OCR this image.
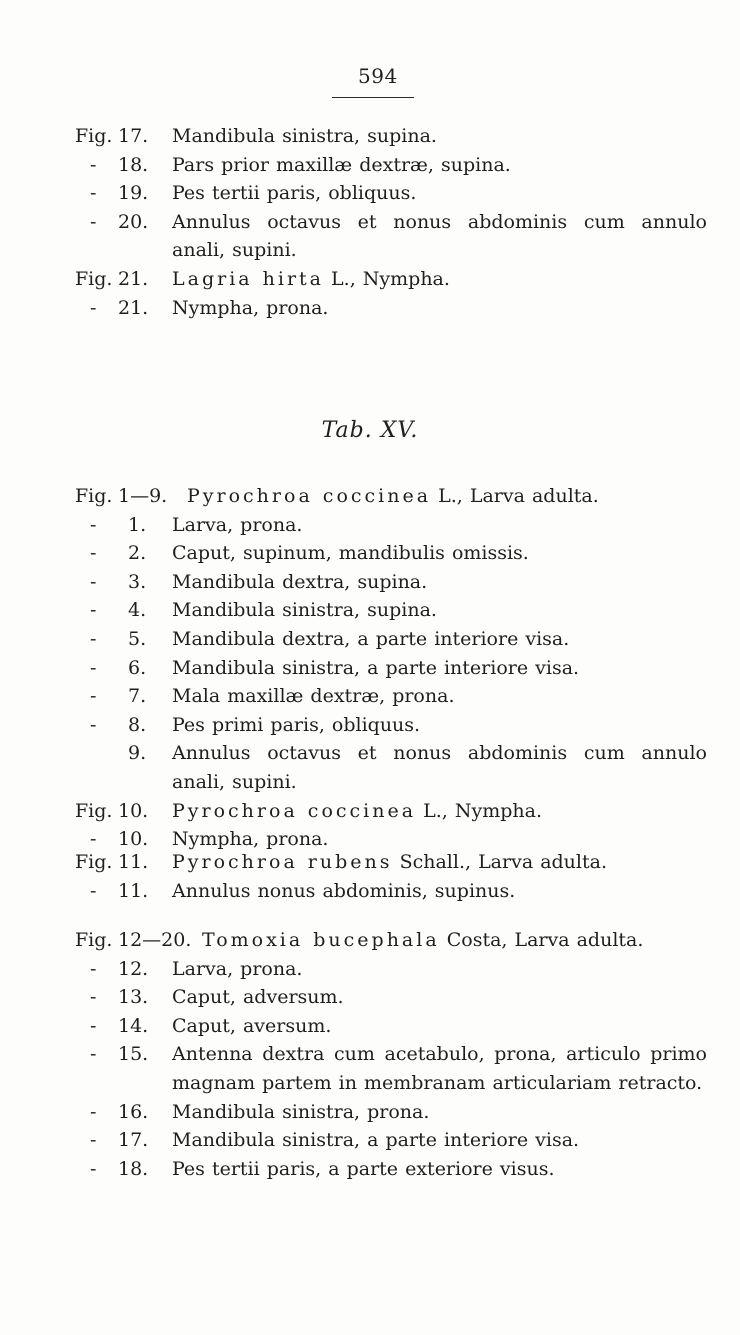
594
Tab. XV.
Fig. 17. Mandibula sinistra, supina.
- 18. Pars prior maxillæ dextræ, supina.
- 19. Pes tertii paris, obliquus.
- 20. Annulus octavus et nonus abdominis cum annulo
anali, supini.
Fig. 21. Lagria hirta L., Nympha.
- 21. Nympha, prona.
Fig. 1—9. Pyrochroa coccinea L., Larva adulta.
- 1. Larva, prona.
- 2. Caput, supinum, mandibulis omissis.
- 3. Mandibula dextra, supina.
- 4. Mandibula sinistra, supina.
- 5. Mandibula dextra, a parte interiore visa.
- 6. Mandibula sinistra, a parte interiore visa.
- 7. Mala maxillæ dextræ, prona.
- 8. Pes primi paris, obliquus.
9. Annulus octavus et nonus abdominis cum annulo
anali, supini.
Fig. 10. Pyrochroa coccinea L., Nympha.
- 10. Nympha, prona.
Fig. 11. Pyrochroa rubens Schall., Larva adulta.
- 11. Annulus nonus abdominis, supinus.
Fig. 12—20. Tomoxia bucephala Costa, Larva adulta.
- 12. Larva, prona.
- 13. Caput, adversum.
- 14. Caput, aversum.
- 15. Antenna dextra cum acetabulo, prona, articulo primo
magnam partem in membranam articulariam retracto.
- 16. Mandibula sinistra, prona.
- 17. Mandibula sinistra, a parte interiore visa.
- 18. Pes tertii paris, a parte exteriore visus.
